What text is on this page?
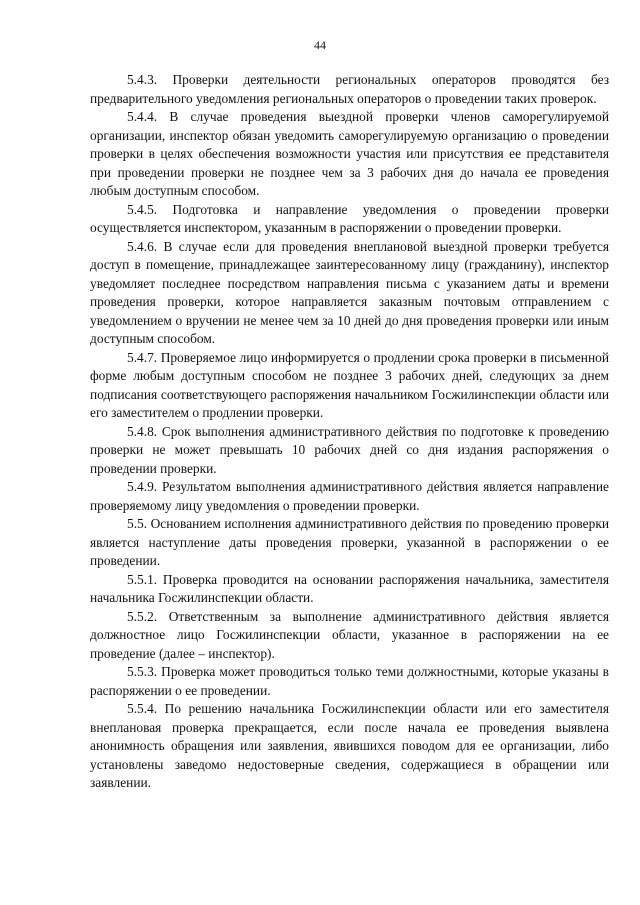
44

5.4.3. Проверки деятельности региональных операторов проводятся без предварительного уведомления региональных операторов о проведении таких проверок.

5.4.4. В случае проведения выездной проверки членов саморегулируемой организации, инспектор обязан уведомить саморегулируемую организацию о проведении проверки в целях обеспечения возможности участия или присутствия ее представителя при проведении проверки не позднее чем за 3 рабочих дня до начала ее проведения любым доступным способом.

5.4.5. Подготовка и направление уведомления о проведении проверки осуществляется инспектором, указанным в распоряжении о проведении проверки.

5.4.6. В случае если для проведения внеплановой выездной проверки требуется доступ в помещение, принадлежащее заинтересованному лицу (гражданину), инспектор уведомляет последнее посредством направления письма с указанием даты и времени проведения проверки, которое направляется заказным почтовым отправлением с уведомлением о вручении не менее чем за 10 дней до дня проведения проверки или иным доступным способом.

5.4.7. Проверяемое лицо информируется о продлении срока проверки в письменной форме любым доступным способом не позднее 3 рабочих дней, следующих за днем подписания соответствующего распоряжения начальником Госжилинспекции области или его заместителем о продлении проверки.

5.4.8. Срок выполнения административного действия по подготовке к проведению проверки не может превышать 10 рабочих дней со дня издания распоряжения о проведении проверки.

5.4.9. Результатом выполнения административного действия является направление проверяемому лицу уведомления о проведении проверки.

5.5. Основанием исполнения административного действия по проведению проверки является наступление даты проведения проверки, указанной в распоряжении о ее проведении.

5.5.1. Проверка проводится на основании распоряжения начальника, заместителя начальника Госжилинспекции области.

5.5.2. Ответственным за выполнение административного действия является должностное лицо Госжилинспекции области, указанное в распоряжении на ее проведение (далее – инспектор).

5.5.3. Проверка может проводиться только теми должностными, которые указаны в распоряжении о ее проведении.

5.5.4. По решению начальника Госжилинспекции области или его заместителя внеплановая проверка прекращается, если после начала ее проведения выявлена анонимность обращения или заявления, явившихся поводом для ее организации, либо установлены заведомо недостоверные сведения, содержащиеся в обращении или заявлении.
